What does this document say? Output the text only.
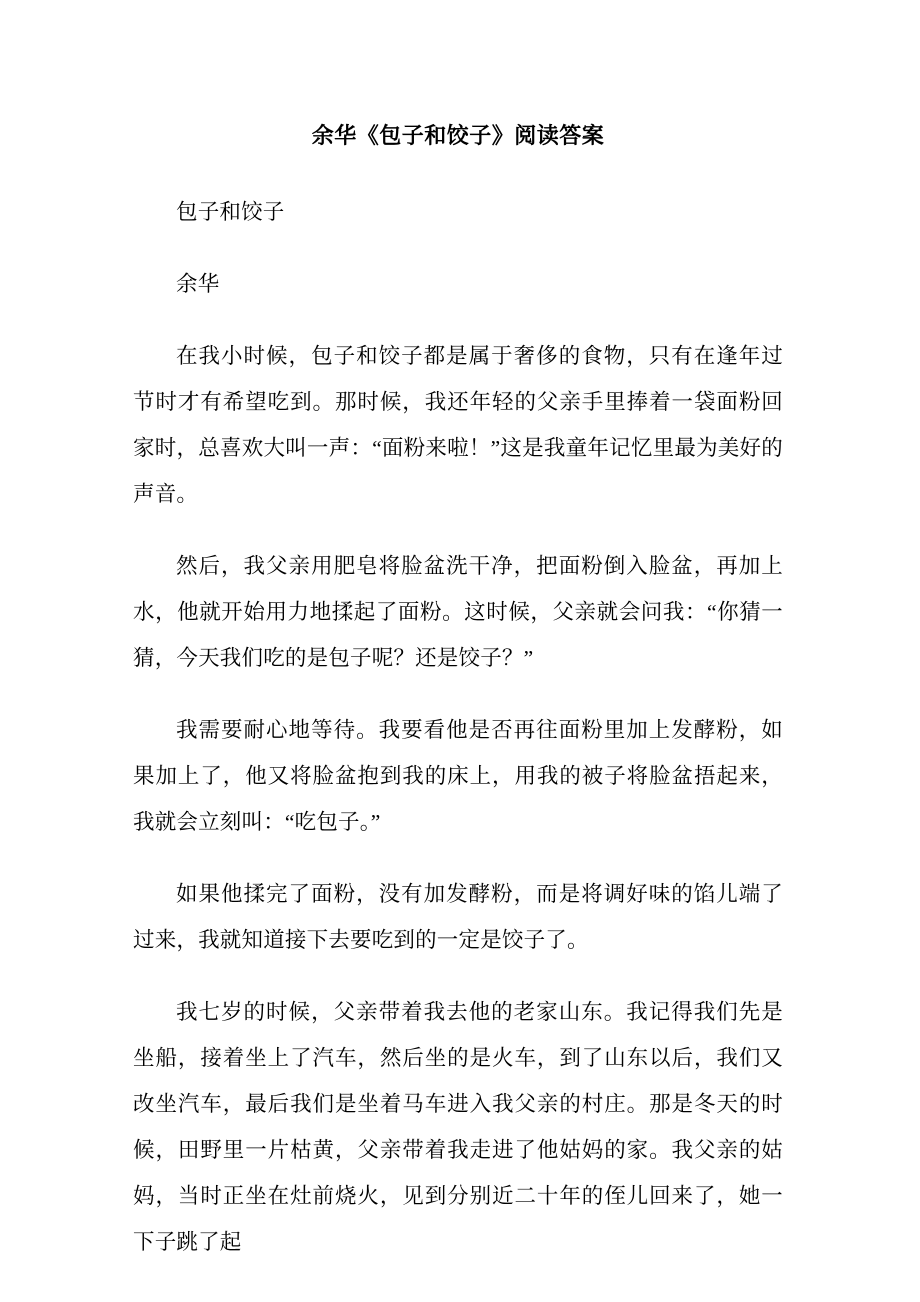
余华《包子和饺子》阅读答案

包子和饺子

余华

在我小时候，包子和饺子都是属于奢侈的食物，只有在逢年过节时才有希望吃到。那时候，我还年轻的父亲手里捧着一袋面粉回家时，总喜欢大叫一声：“面粉来啦！”这是我童年记忆里最为美好的声音。

然后，我父亲用肥皂将脸盆洗干净，把面粉倒入脸盆，再加上水，他就开始用力地揉起了面粉。这时候，父亲就会问我：“你猜一猜，今天我们吃的是包子呢？还是饺子？”

我需要耐心地等待。我要看他是否再往面粉里加上发酵粉，如果加上了，他又将脸盆抱到我的床上，用我的被子将脸盆捂起来，我就会立刻叫：“吃包子。”

如果他揉完了面粉，没有加发酵粉，而是将调好味的馅儿端了过来，我就知道接下去要吃到的一定是饺子了。

我七岁的时候，父亲带着我去他的老家山东。我记得我们先是坐船，接着坐上了汽车，然后坐的是火车，到了山东以后，我们又改坐汽车，最后我们是坐着马车进入我父亲的村庄。那是冬天的时候，田野里一片枯黄，父亲带着我走进了他姑妈的家。我父亲的姑妈，当时正坐在灶前烧火，见到分别近二十年的侄儿回来了，她一下子跳了起
